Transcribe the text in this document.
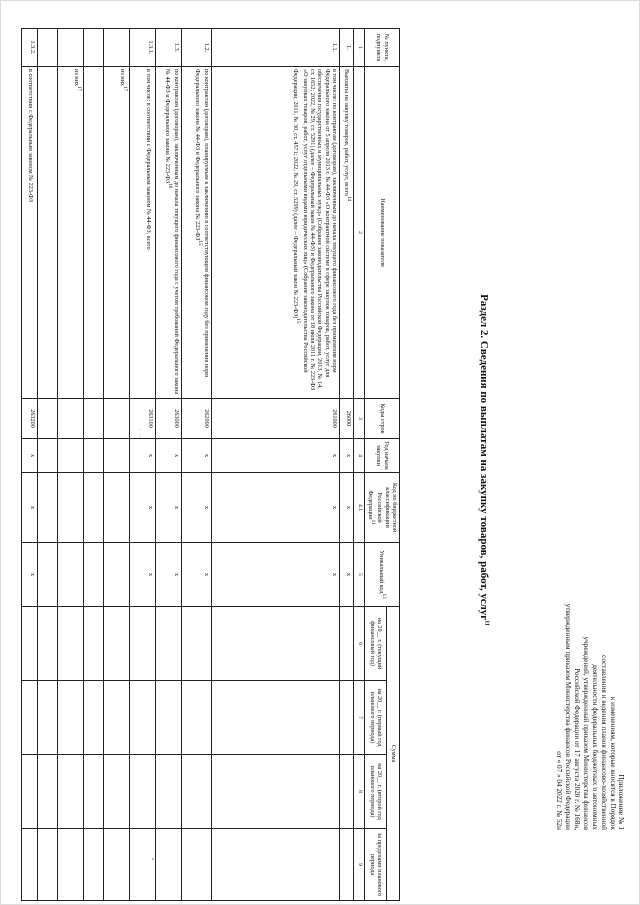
Приложение № 1
к изменениям, которые вносятся в Порядок
составления и ведения планов финансово-хозяйственной
деятельности федеральных бюджетных и автономных
учреждений, утвержденный приказом Министерства финансов
Российской Федерации от 17 августа 2020 г. № 168н,
утвержденным приказом Министерства финансов Российской Федерации
от « 07 » 04 2022 г. № 52н
Раздел 2. Сведения по выплатам на закупку товаров, работ, услуг$^{11}$
№ пункта, подпункта	Наименование показателя	Коды строк	Год начала закупки	Код по бюджетной классификации Российской Федерации$^{11}$	Уникальный код$^{13}$	Сумма			
						на 20__ г. (текущий финансовый год)	на 20__ г. (первый год планового периода)	на 20__ г. (второй год планового периода)	за пределами планового периода
1	2	3	4	4.1	5	6	7	8	9
1.	Выплаты на закупку товаров, работ, услуг, всего$^{14}$	26000	х	х	х				
1.1.	в том числе: по контрактам (договорам), заключенным до начала текущего финансового года без применения норм Федерального закона от 5 апреля 2013 г. № 44-ФЗ «О контрактной системе в сфере закупок товаров, работ, услуг для обеспечения государственных и муниципальных нужд» (Собрание законодательства Российской Федерации, 2013, № 14, ст. 1652; 2022, № 29, ст. 5291) (далее – Федеральный закон № 44-ФЗ) и Федерального закона от 18 июля 2011 г. № 223-ФЗ «О закупках товаров, работ, услуг отдельными видами юридических лиц» (Собрание законодательства Российской Федерации, 2011, № 30, ст. 4571; 2022, № 29, ст. 5299) (далее – Федеральный закон № 223-ФЗ)$^{15}$	261000	х	х	х				
1.2.	по контрактам (договорам), планируемым к заключению в соответствующем финансовом году без применения норм Федерального закона № 44-ФЗ и Федерального закона № 223-ФЗ$^{15}$	262000	х	х	х				
1.3.	по контрактам (договорам), заключенным до начала текущего финансового года с учетом требований Федерального закона № 44-ФЗ и Федерального закона № 223-ФЗ$^{16}$	263000	х	х	х				
1.3.1.	в том числе: в соответствии с Федеральным законом № 44-ФЗ, всего	263100	х	х	х				
	из них$^{17}$								

	из них$^{17}$								

1.3.2.	в соответствии с Федеральным законом № 223-ФЗ	263200	х	х	х				
~ ~~
